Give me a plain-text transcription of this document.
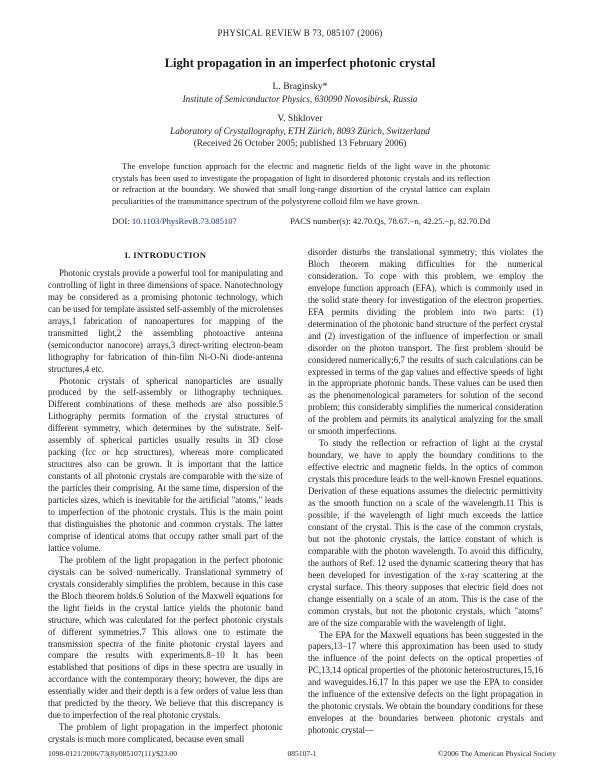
PHYSICAL REVIEW B 73, 085107 (2006)
Light propagation in an imperfect photonic crystal
L. Braginsky*
Institute of Semiconductor Physics, 630090 Novosibirsk, Russia
V. Shklover
Laboratory of Crystallography, ETH Zürich, 8093 Zürich, Switzerland
(Received 26 October 2005; published 13 February 2006)

The envelope function approach for the electric and magnetic fields of the light wave in the photonic crystals has been used to investigate the propagation of light in disordered photonic crystals and its reflection or refraction at the boundary. We showed that small long-range distortion of the crystal lattice can explain peculiarities of the transmittance spectrum of the polystyrene colloid film we have grown.

DOI: 10.1103/PhysRevB.73.085107	PACS number(s): 42.70.Qs, 78.67.−n, 42.25.−p, 82.70.Dd
I. INTRODUCTION

Photonic crystals provide a powerful tool for manipulating and controlling of light in three dimensions of space. Nanotechnology may be considered as a promising photonic technology, which can be used for template assisted self-assembly of the microlenses arrays,1 fabrication of nanoapertures for mapping of the transmitted light,2 the assembling photoactive antenna (semiconductor nanocore) arrays,3 direct-writing electron-beam lithography for fabrication of thin-film Ni-O-Ni diode-antenna structures,4 etc.

Photonic crystals of spherical nanoparticles are usually produced by the self-assembly or lithography techniques. Different combinations of these methods are also possible.5 Lithography permits formation of the crystal structures of different symmetry, which determines by the substrate. Self-assembly of spherical particles usually results in 3D close packing (fcc or hcp structures), whereas more complicated structures also can be grown. It is important that the lattice constants of all photonic crystals are comparable with the size of the particles their comprising. At the same time, dispersion of the particles sizes, which is inevitable for the artificial "atoms," leads to imperfection of the photonic crystals. This is the main point that distinguishes the photonic and common crystals. The latter comprise of identical atoms that occupy rather small part of the lattice volume.

The problem of the light propagation in the perfect photonic crystals can be solved numerically. Translational symmetry of crystals considerably simplifies the problem, because in this case the Bloch theorem holds.6 Solution of the Maxwell equations for the light fields in the crystal lattice yields the photonic band structure, which was calculated for the perfect photonic crystals of different symmetries.7 This allows one to estimate the transmission spectra of the finite photonic crystal layers and compare the results with experiments.8−10 It has been established that positions of dips in these spectra are usually in accordance with the contemporary theory; however, the dips are essentially wider and their depth is a few orders of value less than that predicted by the theory. We believe that this discrepancy is due to imperfection of the real photonic crystals.

The problem of light propagation in the imperfect photonic crystals is much more complicated, because even small

disorder disturbs the translational symmetry; this violates the Bloch theorem making difficulties for the numerical consideration. To cope with this problem, we employ the envelope function approach (EFA), which is commonly used in the solid state theory for investigation of the electron properties. EFA permits dividing the problem into two parts: (1) determination of the photonic band structure of the perfect crystal and (2) investigation of the influence of imperfection or small disorder on the photon transport. The first problem should be considered numerically;6,7 the results of such calculations can be expressed in terms of the gap values and effective speeds of light in the appropriate photonic bands. These values can be used then as the phenomenological parameters for solution of the second problem; this considerably simplifies the numerical consideration of the problem and permits its analytical analyzing for the small or smooth imperfections.

To study the reflection or refraction of light at the crystal boundary, we have to apply the boundary conditions to the effective electric and magnetic fields. In the optics of common crystals this procedure leads to the well-known Fresnel equations. Derivation of these equations assumes the dielectric permittivity as the smooth function on a scale of the wavelength.11 This is possible, if the wavelength of light much exceeds the lattice constant of the crystal. This is the case of the common crystals, but not the photonic crystals, the lattice constant of which is comparable with the photon wavelength. To avoid this difficulty, the authors of Ref. 12 used the dynamic scattering theory that has been developed for investigation of the x-ray scattering at the crystal surface. This theory supposes that electric field does not change essentially on a scale of an atom. This is the case of the common crystals, but not the photonic crystals, which "atoms" are of the size comparable with the wavelength of light.

The EPA for the Maxwell equations has been suggested in the papers,13−17 where this approximation has been used to study the influence of the point defects on the optical properties of PC,13,14 optical properties of the photonic heterostructures,15,16 and waveguides.16,17 In this paper we use the EPA to consider the influence of the extensive defects on the light propagation in the photonic crystals. We obtain the boundary conditions for these envelopes at the boundaries between photonic crystals and photonic crystal—

1098-0121/2006/73(8)/085107(11)/$23.00	085107-1	©2006 The American Physical Society
